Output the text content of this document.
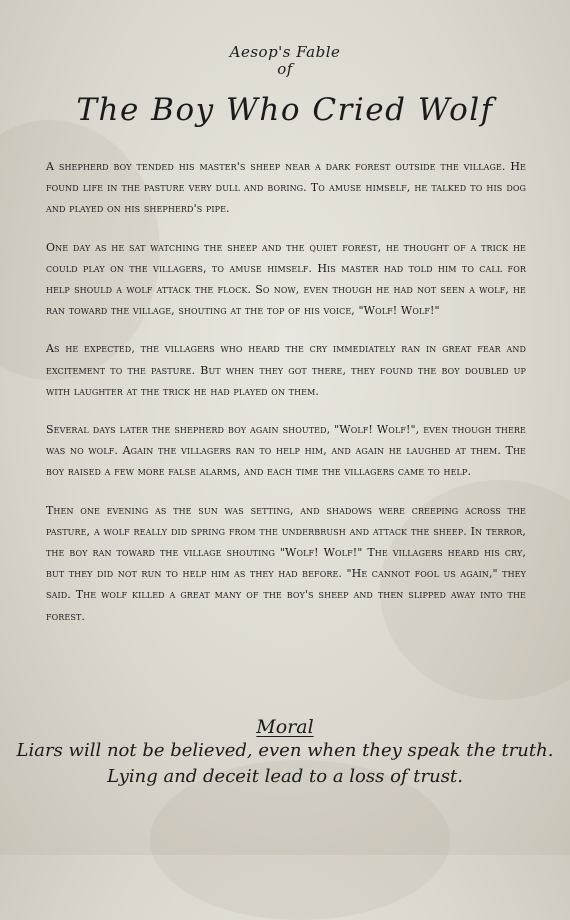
Aesop's Fable
of
The Boy Who Cried Wolf

A shepherd boy tended his master's sheep near a dark forest outside the village. He found life in the pasture very dull and boring. To amuse himself, he talked to his dog and played on his shepherd's pipe.

One day as he sat watching the sheep and the quiet forest, he thought of a trick he could play on the villagers, to amuse himself. His master had told him to call for help should a wolf attack the flock. So now, even though he had not seen a wolf, he ran toward the village, shouting at the top of his voice, "Wolf! Wolf!"

As he expected, the villagers who heard the cry immediately ran in great fear and excitement to the pasture. But when they got there, they found the boy doubled up with laughter at the trick he had played on them.

Several days later the shepherd boy again shouted, "Wolf! Wolf!", even though there was no wolf. Again the villagers ran to help him, and again he laughed at them. The boy raised a few more false alarms, and each time the villagers came to help.

Then one evening as the sun was setting, and shadows were creeping across the pasture, a wolf really did spring from the underbrush and attack the sheep. In terror, the boy ran toward the village shouting "Wolf! Wolf!" The villagers heard his cry, but they did not run to help him as they had before. "He cannot fool us again," they said. The wolf killed a great many of the boy's sheep and then slipped away into the forest.

Moral
Liars will not be believed, even when they speak the truth.
Lying and deceit lead to a loss of trust.
